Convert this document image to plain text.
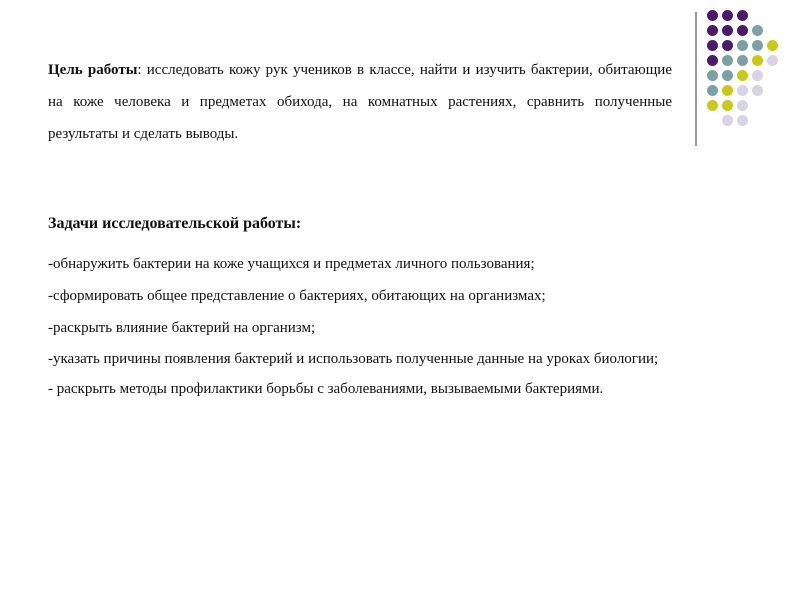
Цель работы: исследовать кожу рук учеников в классе, найти и изучить бактерии, обитающие на коже человека и предметах обихода, на комнатных растениях, сравнить полученные результаты и сделать выводы.

Задачи исследовательской работы:

-обнаружить бактерии на коже учащихся и предметах личного пользования;
-сформировать общее представление о бактериях, обитающих на организмах;
-раскрыть влияние бактерий на организм;
-указать причины появления бактерий и использовать полученные данные на уроках биологии;
- раскрыть методы профилактики борьбы с заболеваниями, вызываемыми бактериями.
